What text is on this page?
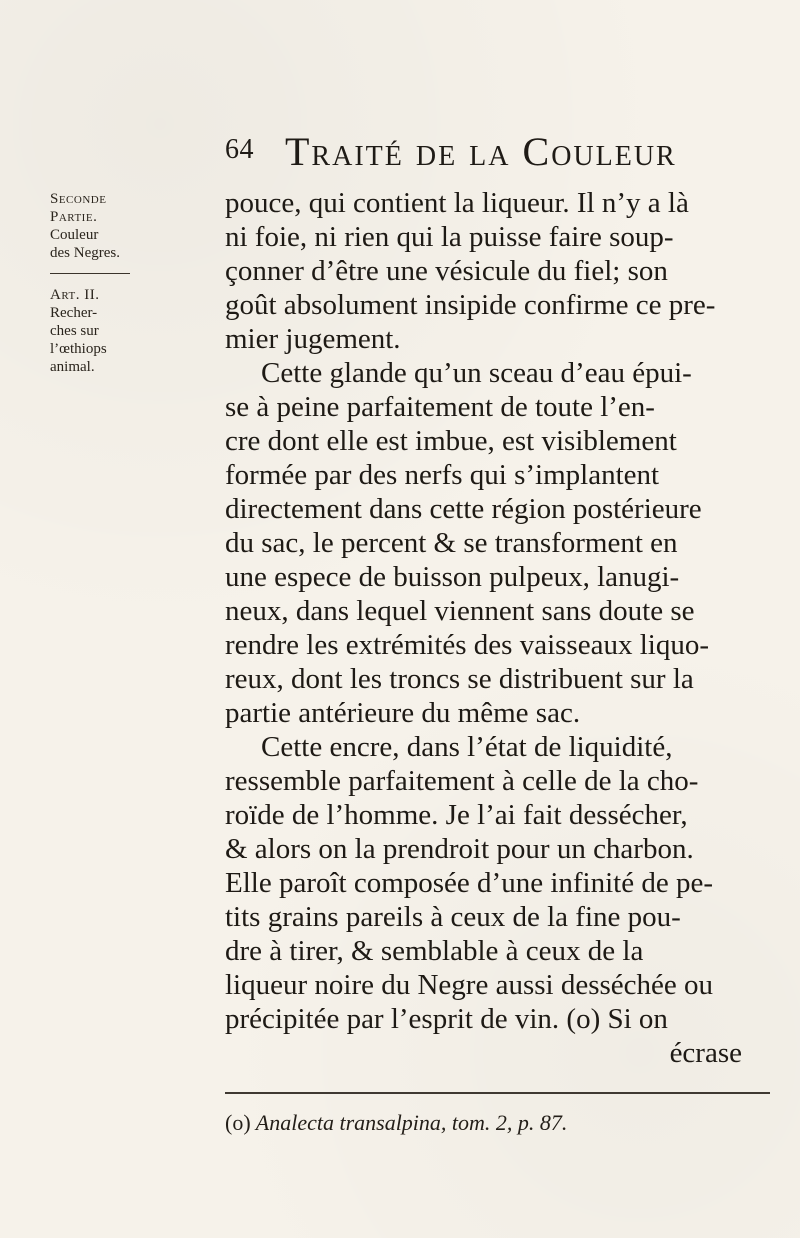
64 Traité de la Couleur
Seconde
Partie.
Couleur
des Negres.
Art. II.
Recher-
ches sur
l’œthiops
animal.

pouce, qui contient la liqueur. Il n’y a là

ni foie, ni rien qui la puisse faire soup-

çonner d’être une vésicule du fiel; son

goût absolument insipide confirme ce pre-

mier jugement.

Cette glande qu’un sceau d’eau épui-

se à peine parfaitement de toute l’en-

cre dont elle est imbue, est visiblement

formée par des nerfs qui s’implantent

directement dans cette région postérieure

du sac, le percent & se transforment en

une espece de buisson pulpeux, lanugi-

neux, dans lequel viennent sans doute se

rendre les extrémités des vaisseaux liquo-

reux, dont les troncs se distribuent sur la

partie antérieure du même sac.

Cette encre, dans l’état de liquidité,

ressemble parfaitement à celle de la cho-

roïde de l’homme. Je l’ai fait dessécher,

& alors on la prendroit pour un charbon.

Elle paroît composée d’une infinité de pe-

tits grains pareils à ceux de la fine pou-

dre à tirer, & semblable à ceux de la

liqueur noire du Negre aussi desséchée ou

précipitée par l’esprit de vin. (o) Si on

écrase

(o) Analecta transalpina, tom. 2, p. 87.
